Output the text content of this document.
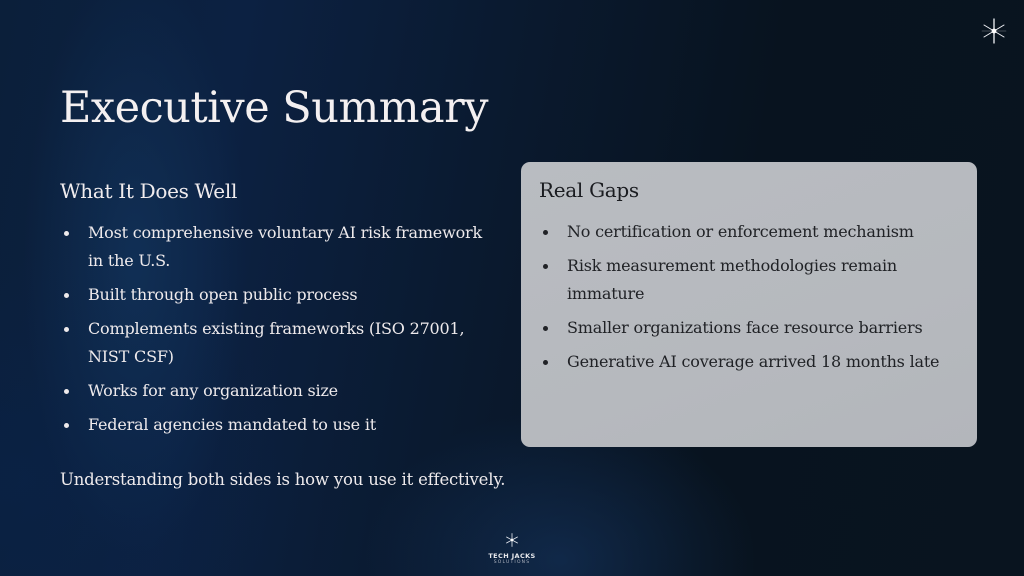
Executive Summary
What It Does Well
Most comprehensive voluntary AI risk framework in the U.S.
Built through open public process
Complements existing frameworks (ISO 27001, NIST CSF)
Works for any organization size
Federal agencies mandated to use it
Understanding both sides is how you use it effectively.
Real Gaps
No certification or enforcement mechanism
Risk measurement methodologies remain immature
Smaller organizations face resource barriers
Generative AI coverage arrived 18 months late
TECH JACKS
SOLUTIONS
